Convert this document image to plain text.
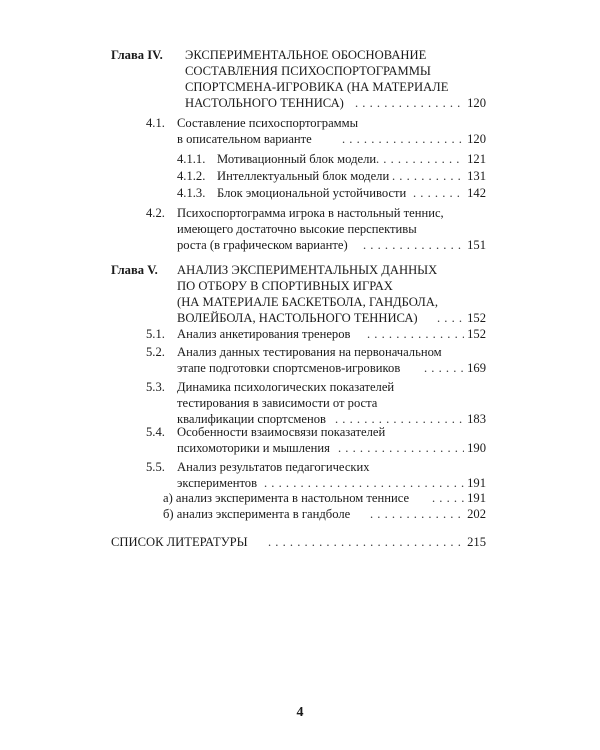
Глава IV. ЭКСПЕРИМЕНТАЛЬНОЕ ОБОСНОВАНИЕ
СОСТАВЛЕНИЯ ПСИХОСПОРТОГРАММЫ
СПОРТСМЕНА-ИГРОВИКА (НА МАТЕРИАЛЕ
НАСТОЛЬНОГО ТЕННИСА) . . .	120
4.1. Составление психоспортограммы
в описательном варианте . . .	120
4.1.1. Мотивационный блок модели . . .	121
4.1.2. Интеллектуальный блок модели . . .	131
4.1.3. Блок эмоциональной устойчивости . . .	142
4.2. Психоспортограмма игрока в настольный теннис,
имеющего достаточно высокие перспективы
роста (в графическом варианте) . . .	151
Глава V. АНАЛИЗ ЭКСПЕРИМЕНТАЛЬНЫХ ДАННЫХ
ПО ОТБОРУ В СПОРТИВНЫХ ИГРАХ
(НА МАТЕРИАЛЕ БАСКЕТБОЛА, ГАНДБОЛА,
ВОЛЕЙБОЛА, НАСТОЛЬНОГО ТЕННИСА) . . .	152
5.1. Анализ анкетирования тренеров . . .	152
5.2. Анализ данных тестирования на первоначальном
этапе подготовки спортсменов-игровиков . . .	169
5.3. Динамика психологических показателей
тестирования в зависимости от роста
квалификации спортсменов . . .	183
5.4. Особенности взаимосвязи показателей
психомоторики и мышления . . .	190
5.5. Анализ результатов педагогических
экспериментов . . .	191
а) анализ эксперимента в настольном теннисе . . .	191
б) анализ эксперимента в гандболе . . .	202
СПИСОК ЛИТЕРАТУРЫ . . .	215
4
